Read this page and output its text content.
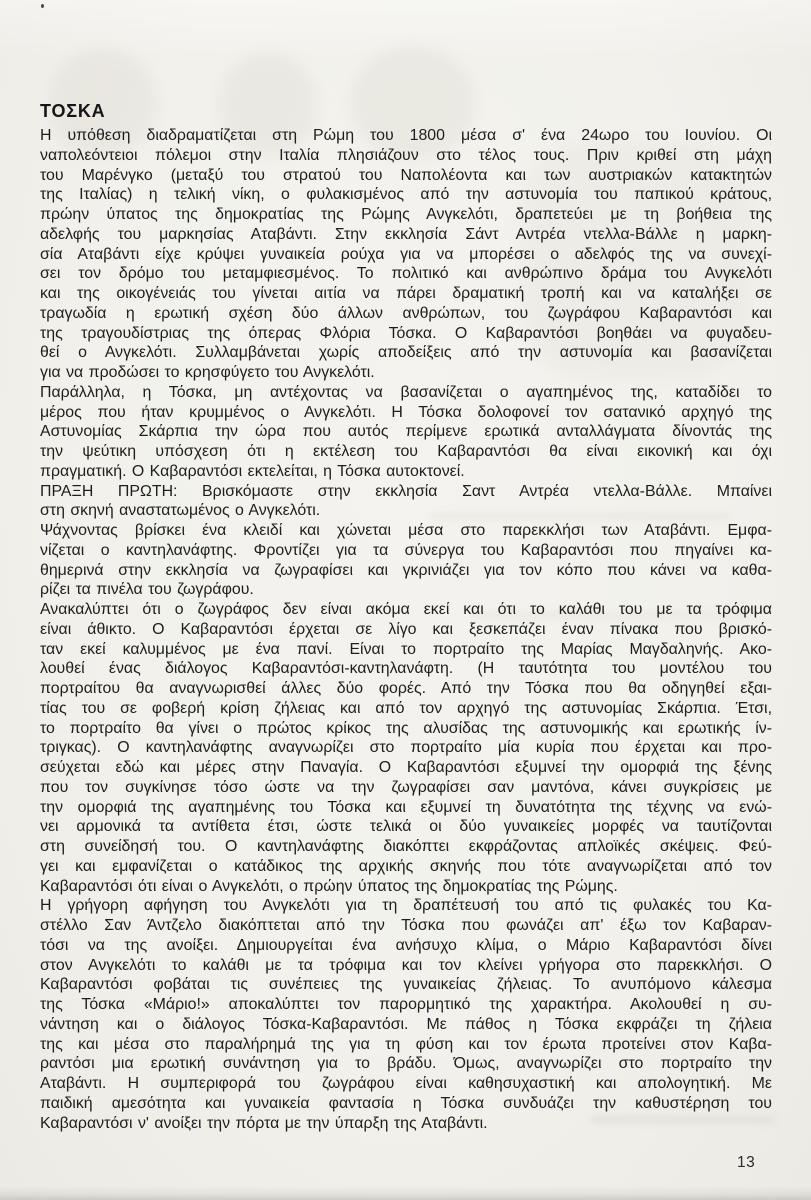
ΤΟΣΚΑ
Η υπόθεση διαδραματίζεται στη Ρώμη του 1800 μέσα σ' ένα 24ωρο του Ιουνίου. Οι
ναπολεόντειοι πόλεμοι στην Ιταλία πλησιάζουν στο τέλος τους. Πριν κριθεί στη μάχη
του Μαρένγκο (μεταξύ του στρατού του Ναπολέοντα και των αυστριακών κατακτητών
της Ιταλίας) η τελική νίκη, ο φυλακισμένος από την αστυνομία του παπικού κράτους,
πρώην ύπατος της δημοκρατίας της Ρώμης Ανγκελότι, δραπετεύει με τη βοήθεια της
αδελφής του μαρκησίας Αταβάντι. Στην εκκλησία Σάντ Αντρέα ντελλα-Βάλλε η μαρκη-
σία Αταβάντι είχε κρύψει γυναικεία ρούχα για να μπορέσει ο αδελφός της να συνεχί-
σει τον δρόμο του μεταμφιεσμένος. Το πολιτικό και ανθρώπινο δράμα του Ανγκελότι
και της οικογένειάς του γίνεται αιτία να πάρει δραματική τροπή και να καταλήξει σε
τραγωδία η ερωτική σχέση δύο άλλων ανθρώπων, του ζωγράφου Καβαραντόσι και
της τραγουδίστριας της όπερας Φλόρια Τόσκα. Ο Καβαραντόσι βοηθάει να φυγαδευ-
θεί ο Ανγκελότι. Συλλαμβάνεται χωρίς αποδείξεις από την αστυνομία και βασανίζεται
για να προδώσει το κρησφύγετο του Ανγκελότι.
Παράλληλα, η Τόσκα, μη αντέχοντας να βασανίζεται ο αγαπημένος της, καταδίδει το
μέρος που ήταν κρυμμένος ο Ανγκελότι. Η Τόσκα δολοφονεί τον σατανικό αρχηγό της
Αστυνομίας Σκάρπια την ώρα που αυτός περίμενε ερωτικά ανταλλάγματα δίνοντάς της
την ψεύτικη υπόσχεση ότι η εκτέλεση του Καβαραντόσι θα είναι εικονική και όχι
πραγματική. Ο Καβαραντόσι εκτελείται, η Τόσκα αυτοκτονεί.
ΠΡΑΞΗ ΠΡΩΤΗ: Βρισκόμαστε στην εκκλησία Σαντ Αντρέα ντελλα-Βάλλε. Μπαίνει
στη σκηνή αναστατωμένος ο Ανγκελότι.
Ψάχνοντας βρίσκει ένα κλειδί και χώνεται μέσα στο παρεκκλήσι των Αταβάντι. Εμφα-
νίζεται ο καντηλανάφτης. Φροντίζει για τα σύνεργα του Καβαραντόσι που πηγαίνει κα-
θημερινά στην εκκλησία να ζωγραφίσει και γκρινιάζει για τον κόπο που κάνει να καθα-
ρίζει τα πινέλα του ζωγράφου.
Ανακαλύπτει ότι ο ζωγράφος δεν είναι ακόμα εκεί και ότι το καλάθι του με τα τρόφιμα
είναι άθικτο. Ο Καβαραντόσι έρχεται σε λίγο και ξεσκεπάζει έναν πίνακα που βρισκό-
ταν εκεί καλυμμένος με ένα πανί. Είναι το πορτραίτο της Μαρίας Μαγδαληνής. Ακο-
λουθεί ένας διάλογος Καβαραντόσι-καντηλανάφτη. (Η ταυτότητα του μοντέλου του
πορτραίτου θα αναγνωρισθεί άλλες δύο φορές. Από την Τόσκα που θα οδηγηθεί εξαι-
τίας του σε φοβερή κρίση ζήλειας και από τον αρχηγό της αστυνομίας Σκάρπια. Έτσι,
το πορτραίτο θα γίνει ο πρώτος κρίκος της αλυσίδας της αστυνομικής και ερωτικής ίν-
τριγκας). Ο καντηλανάφτης αναγνωρίζει στο πορτραίτο μία κυρία που έρχεται και προ-
σεύχεται εδώ και μέρες στην Παναγία. Ο Καβαραντόσι εξυμνεί την ομορφιά της ξένης
που τον συγκίνησε τόσο ώστε να την ζωγραφίσει σαν μαντόνα, κάνει συγκρίσεις με
την ομορφιά της αγαπημένης του Τόσκα και εξυμνεί τη δυνατότητα της τέχνης να ενώ-
νει αρμονικά τα αντίθετα έτσι, ώστε τελικά οι δύο γυναικείες μορφές να ταυτίζονται
στη συνείδησή του. Ο καντηλανάφτης διακόπτει εκφράζοντας απλοϊκές σκέψεις. Φεύ-
γει και εμφανίζεται ο κατάδικος της αρχικής σκηνής που τότε αναγνωρίζεται από τον
Καβαραντόσι ότι είναι ο Ανγκελότι, ο πρώην ύπατος της δημοκρατίας της Ρώμης.
Η γρήγορη αφήγηση του Ανγκελότι για τη δραπέτευσή του από τις φυλακές του Κα-
στέλλο Σαν Άντζελο διακόπτεται από την Τόσκα που φωνάζει απ' έξω τον Καβαραν-
τόσι να της ανοίξει. Δημιουργείται ένα ανήσυχο κλίμα, ο Μάριο Καβαραντόσι δίνει
στον Ανγκελότι το καλάθι με τα τρόφιμα και τον κλείνει γρήγορα στο παρεκκλήσι. Ο
Καβαραντόσι φοβάται τις συνέπειες της γυναικείας ζήλειας. Το ανυπόμονο κάλεσμα
της Τόσκα «Μάριο!» αποκαλύπτει τον παρορμητικό της χαρακτήρα. Ακολουθεί η συ-
νάντηση και ο διάλογος Τόσκα-Καβαραντόσι. Με πάθος η Τόσκα εκφράζει τη ζήλεια
της και μέσα στο παραλήρημά της για τη φύση και τον έρωτα προτείνει στον Καβα-
ραντόσι μια ερωτική συνάντηση για το βράδυ. Όμως, αναγνωρίζει στο πορτραίτο την
Αταβάντι. Η συμπεριφορά του ζωγράφου είναι καθησυχαστική και απολογητική. Με
παιδική αμεσότητα και γυναικεία φαντασία η Τόσκα συνδυάζει την καθυστέρηση του
Καβαραντόσι ν' ανοίξει την πόρτα με την ύπαρξη της Αταβάντι.
13
